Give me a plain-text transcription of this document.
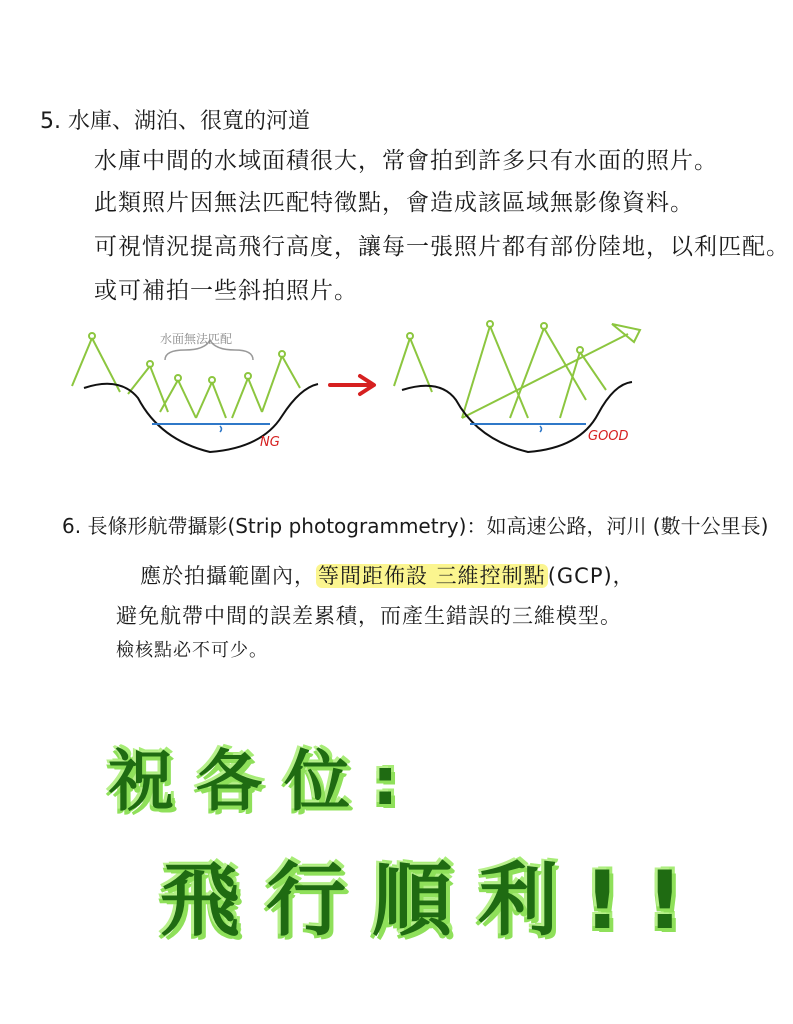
5. 水庫、湖泊、很寬的河道
水庫中間的水域面積很大，常會拍到許多只有水面的照片。
此類照片因無法匹配特徵點，會造成該區域無影像資料。
可視情況提高飛行高度，讓每一張照片都有部份陸地，以利匹配。
或可補拍一些斜拍照片。
水面無法匹配
NG	GOOD
6. 長條形航帶攝影(Strip photogrammetry)：如高速公路，河川 (數十公里長)
應於拍攝範圍內，等間距佈設 三維控制點(GCP)，
避免航帶中間的誤差累積，而產生錯誤的三維模型。
檢核點必不可少。
祝各位:
飛行順利!!
